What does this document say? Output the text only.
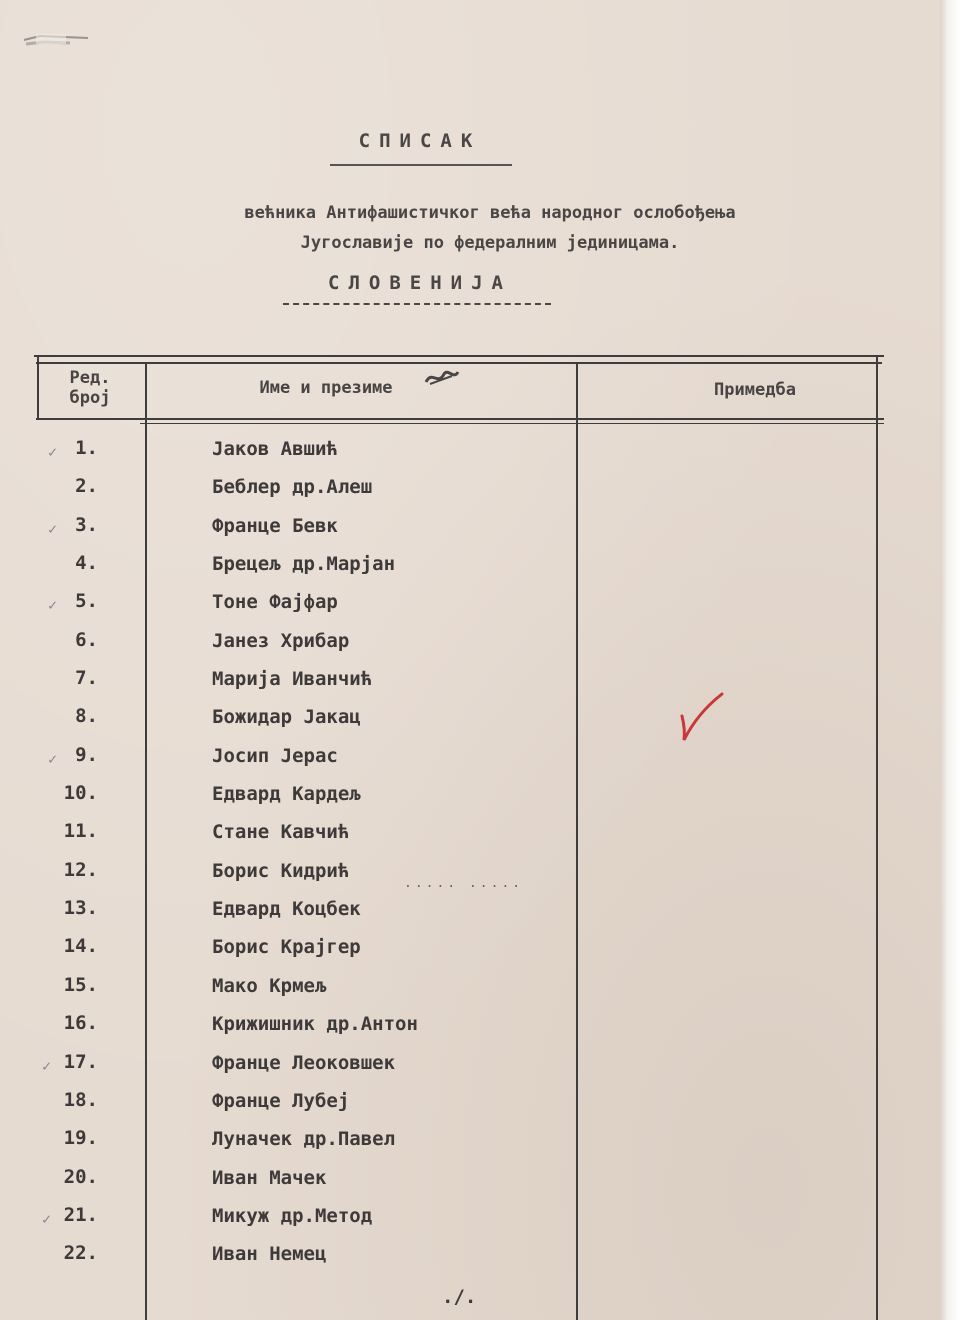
СПИСАК
већника Антифашистичког већа народног ослобођења
Југославије по федералним јединицама.
СЛОВЕНИЈА
Ред.
број	Име и презиме	Примедба
✓ 1.	Јаков Авшић
2.	Беблер др.Алеш
✓ 3.	Франце Бевк
4.	Брецељ др.Марјан
✓ 5.	Тоне Фајфар
6.	Јанез Хрибар
7.	Марија Иванчић
8.	Божидар Јакац
✓ 9.	Јосип Јерас
10.	Едвард Кардељ
11.	Стане Кавчић
12.	Борис Кидрић
13.	Едвард Коцбек
14.	Борис Крајгер
15.	Мако Крмељ
16.	Крижишник др.Антон
✓ 17.	Франце Леоковшек
18.	Франце Лубеј
19.	Луначек др.Павел
20.	Иван Мачек
✓ 21.	Микуж др.Метод
22.	Иван Немец
..... .....
./.
